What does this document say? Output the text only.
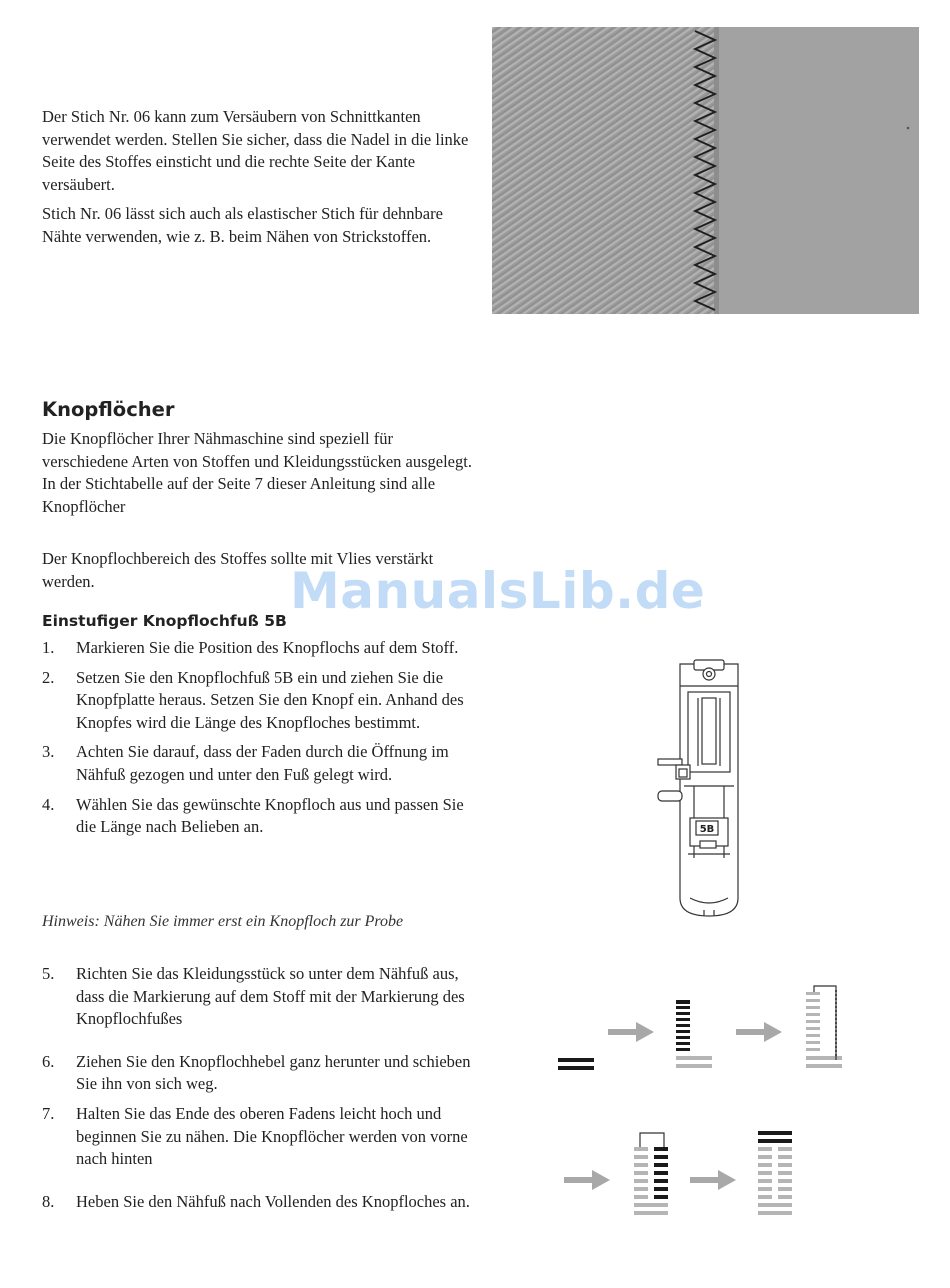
Der Stich Nr. 06 kann zum Versäubern von Schnittkanten verwendet werden. Stellen Sie sicher, dass die Nadel in die linke Seite des Stoffes einsticht und die rechte Seite der Kante versäubert.

Stich Nr. 06 lässt sich auch als elastischer Stich für dehnbare Nähte verwenden, wie z. B. beim Nähen von Strickstoffen.

Knopflöcher

Die Knopflöcher Ihrer Nähmaschine sind speziell für verschiedene Arten von Stoffen und Kleidungsstücken ausgelegt. In der Stichtabelle auf der Seite 7 dieser Anleitung sind alle Knopflöcher

Der Knopflochbereich des Stoffes sollte mit Vlies verstärkt werden.	ManualsLib.de
Einstufiger Knopflochfuß 5B
1. Markieren Sie die Position des Knopflochs auf dem Stoff.
2. Setzen Sie den Knopflochfuß 5B ein und ziehen Sie die Knopfplatte heraus. Setzen Sie den Knopf ein. Anhand des Knopfes wird die Länge des Knopfloches bestimmt.
3. Achten Sie darauf, dass der Faden durch die Öffnung im Nähfuß gezogen und unter den Fuß gelegt wird.
4. Wählen Sie das gewünschte Knopfloch aus und passen Sie die Länge nach Belieben an.
Hinweis: Nähen Sie immer erst ein Knopfloch zur Probe
5. Richten Sie das Kleidungsstück so unter dem Nähfuß aus, dass die Markierung auf dem Stoff mit der Markierung des Knopflochfußes
6. Ziehen Sie den Knopflochhebel ganz herunter und schieben Sie ihn von sich weg.
7. Halten Sie das Ende des oberen Fadens leicht hoch und beginnen Sie zu nähen. Die Knopflöcher werden von vorne nach hinten
8. Heben Sie den Nähfuß nach Vollenden des Knopfloches an.
5B
